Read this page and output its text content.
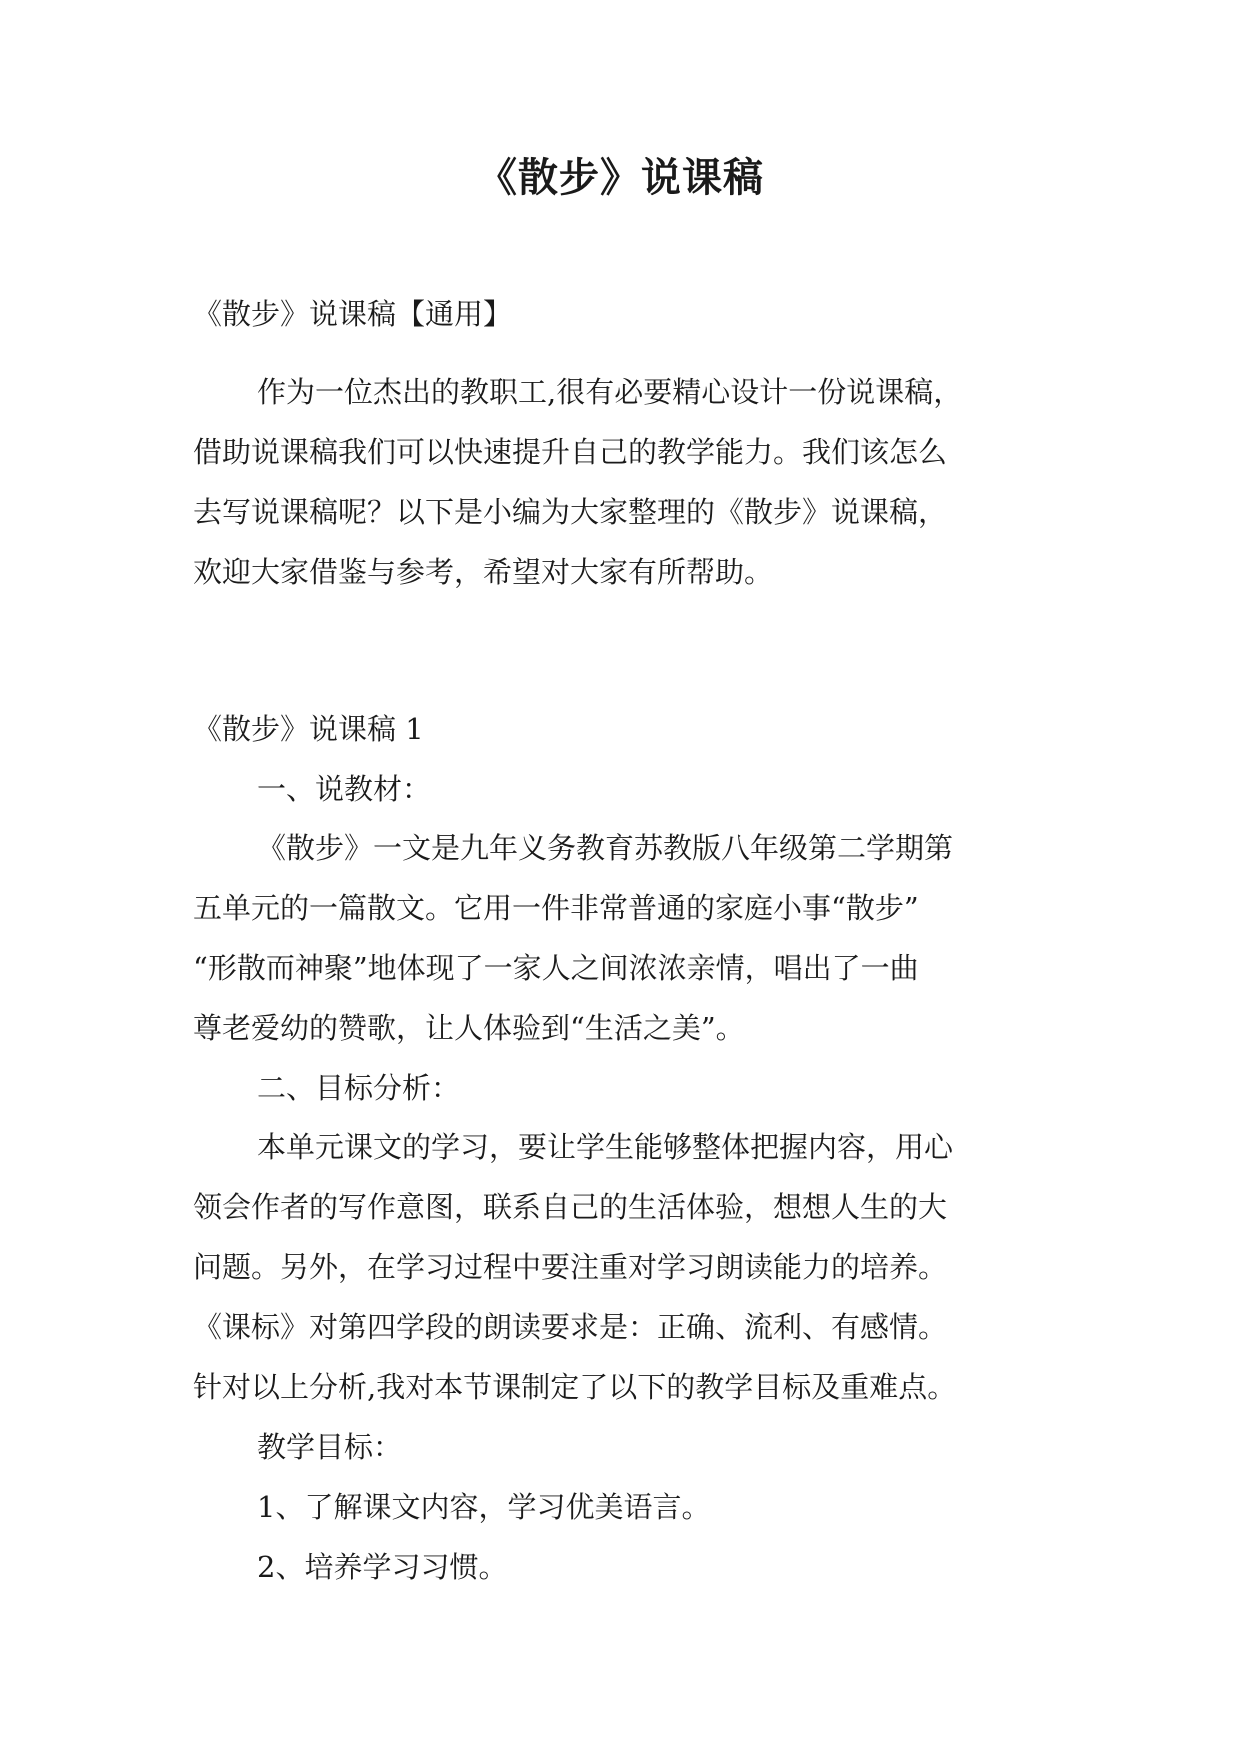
《散步》说课稿
《散步》说课稿【通用】
作为一位杰出的教职工,很有必要精心设计一份说课稿，
借助说课稿我们可以快速提升自己的教学能力。我们该怎么
去写说课稿呢？以下是小编为大家整理的《散步》说课稿，
欢迎大家借鉴与参考，希望对大家有所帮助。
《散步》说课稿 1
一、说教材：
《散步》一文是九年义务教育苏教版八年级第二学期第
五单元的一篇散文。它用一件非常普通的家庭小事“散步”
“形散而神聚”地体现了一家人之间浓浓亲情，唱出了一曲
尊老爱幼的赞歌，让人体验到“生活之美”。
二、目标分析：
本单元课文的学习，要让学生能够整体把握内容，用心
领会作者的写作意图，联系自己的生活体验，想想人生的大
问题。另外，在学习过程中要注重对学习朗读能力的培养。
《课标》对第四学段的朗读要求是：正确、流利、有感情。
针对以上分析,我对本节课制定了以下的教学目标及重难点。
教学目标：
1、了解课文内容，学习优美语言。
2、培养学习习惯。
